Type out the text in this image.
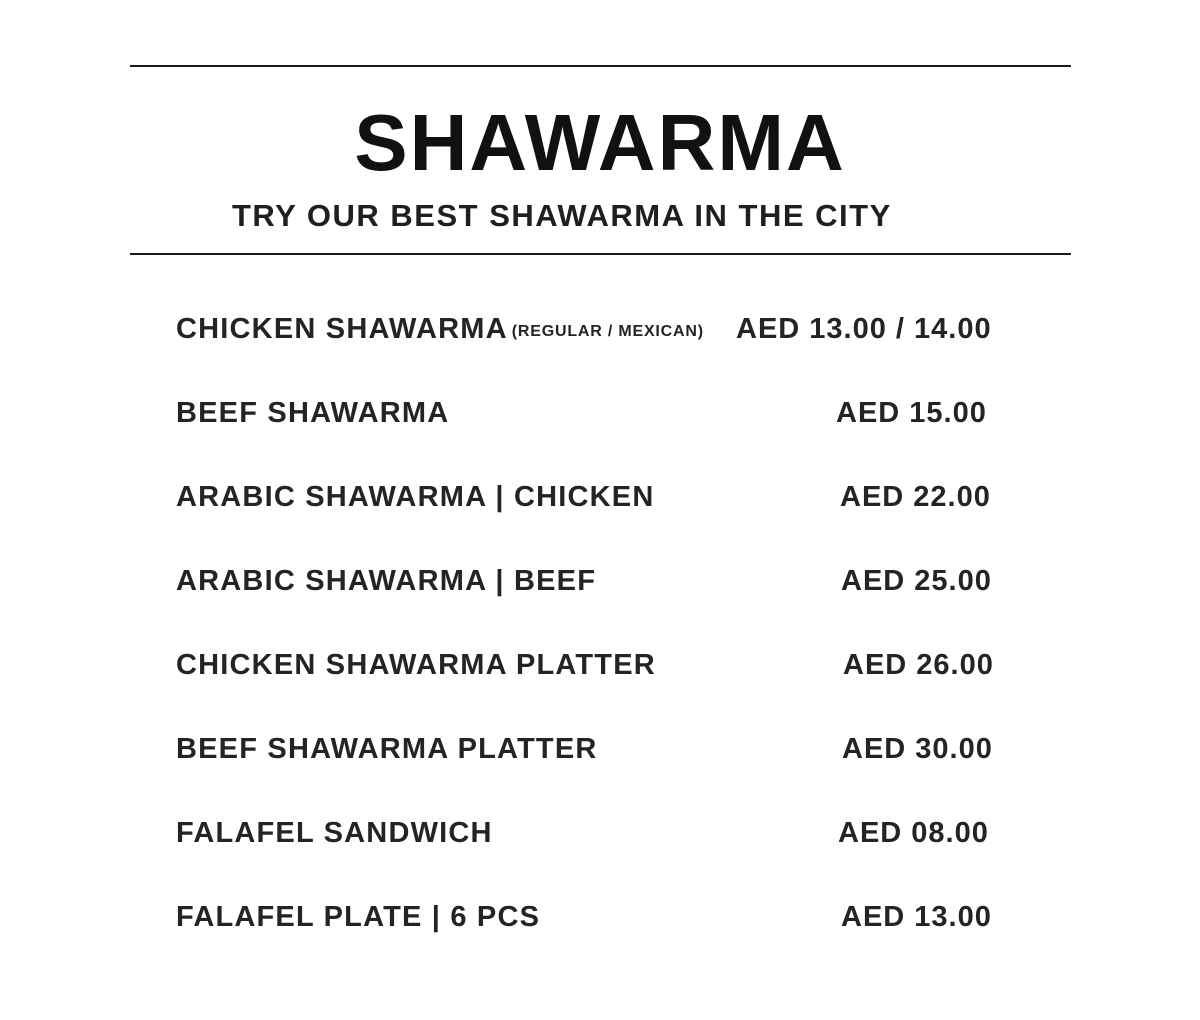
SHAWARMA
TRY OUR BEST SHAWARMA IN THE CITY
CHICKEN SHAWARMA (REGULAR / MEXICAN) AED 13.00 / 14.00
BEEF SHAWARMA	AED 15.00
ARABIC SHAWARMA | CHICKEN	AED 22.00
ARABIC SHAWARMA | BEEF	AED 25.00
CHICKEN SHAWARMA PLATTER	AED 26.00
BEEF SHAWARMA PLATTER	AED 30.00
FALAFEL SANDWICH	AED 08.00
FALAFEL PLATE | 6 PCS	AED 13.00
